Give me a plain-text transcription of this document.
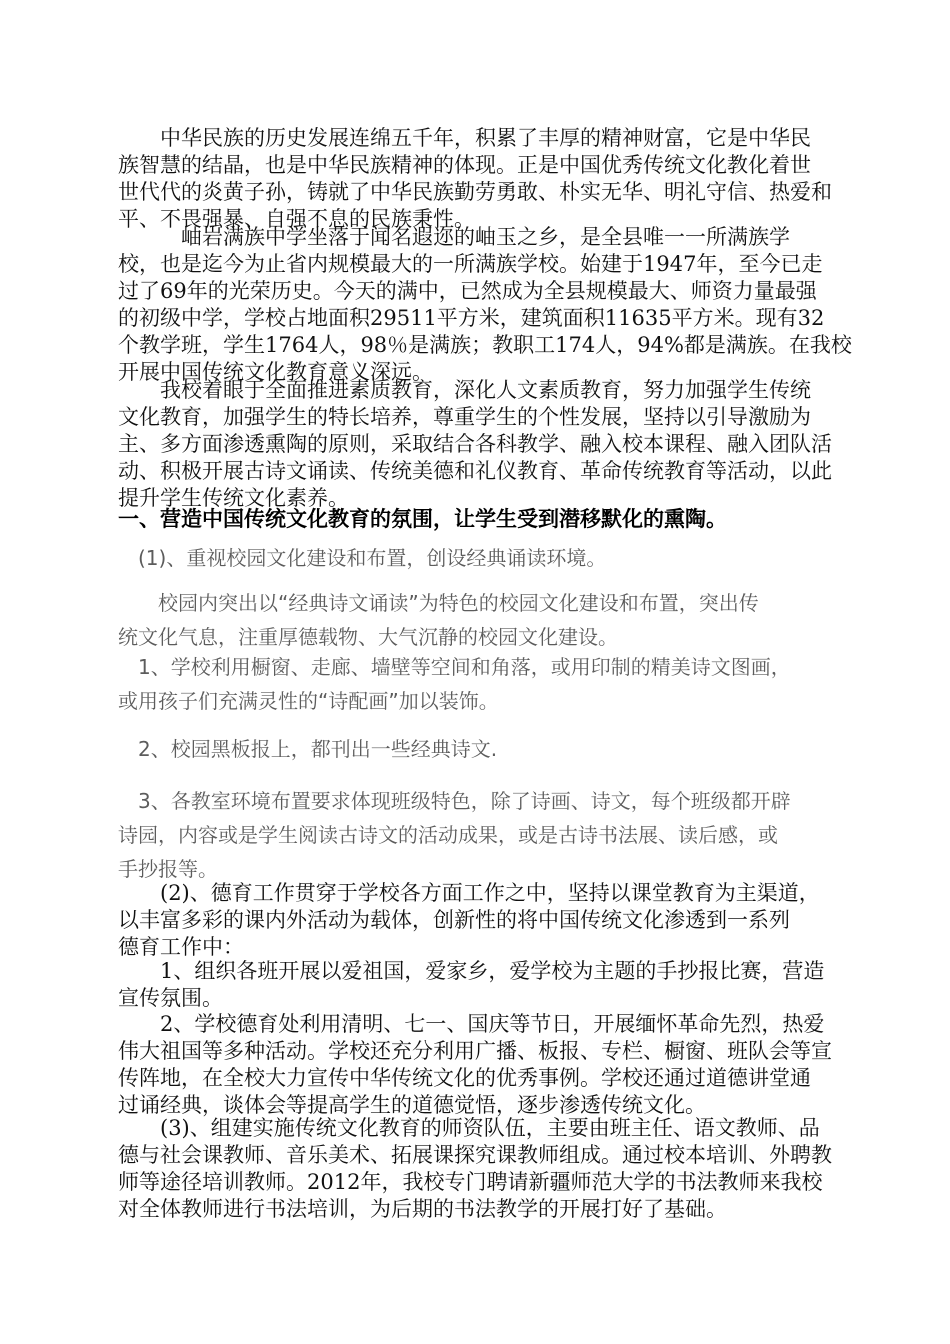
　　中华民族的历史发展连绵五千年，积累了丰厚的精神财富，它是中华民
族智慧的结晶，也是中华民族精神的体现。正是中国优秀传统文化教化着世
世代代的炎黄子孙，铸就了中华民族勤劳勇敢、朴实无华、明礼守信、热爱和
平、不畏强暴、自强不息的民族秉性。
　　　岫岩满族中学坐落于闻名遐迩的岫玉之乡，是全县唯一一所满族学
校，也是迄今为止省内规模最大的一所满族学校。始建于1947年，至今已走
过了69年的光荣历史。今天的满中，已然成为全县规模最大、师资力量最强
的初级中学，学校占地面积29511平方米，建筑面积11635平方米。现有32
个教学班，学生1764人，98％是满族；教职工174人，94%都是满族。在我校
开展中国传统文化教育意义深远。
　　我校着眼于全面推进素质教育，深化人文素质教育，努力加强学生传统
文化教育，加强学生的特长培养，尊重学生的个性发展，坚持以引导激励为
主、多方面渗透熏陶的原则，采取结合各科教学、融入校本课程、融入团队活
动、积极开展古诗文诵读、传统美德和礼仪教育、革命传统教育等活动，以此
提升学生传统文化素养。
一、营造中国传统文化教育的氛围，让学生受到潜移默化的熏陶。
　(1)、重视校园文化建设和布置，创设经典诵读环境。
　　校园内突出以“经典诗文诵读”为特色的校园文化建设和布置，突出传
统文化气息，注重厚德载物、大气沉静的校园文化建设。
　1、学校利用橱窗、走廊、墙壁等空间和角落，或用印制的精美诗文图画，
或用孩子们充满灵性的“诗配画”加以装饰。
　2、校园黑板报上，都刊出一些经典诗文.
　3、各教室环境布置要求体现班级特色，除了诗画、诗文，每个班级都开辟
诗园，内容或是学生阅读古诗文的活动成果，或是古诗书法展、读后感，或
手抄报等。
　　(2)、德育工作贯穿于学校各方面工作之中，坚持以课堂教育为主渠道，
以丰富多彩的课内外活动为载体，创新性的将中国传统文化渗透到一系列
德育工作中：
　　1、组织各班开展以爱祖国，爱家乡，爱学校为主题的手抄报比赛，营造
宣传氛围。
　　2、学校德育处利用清明、七一、国庆等节日，开展缅怀革命先烈，热爱
伟大祖国等多种活动。学校还充分利用广播、板报、专栏、橱窗、班队会等宣
传阵地，在全校大力宣传中华传统文化的优秀事例。学校还通过道德讲堂通
过诵经典，谈体会等提高学生的道德觉悟，逐步渗透传统文化。
　　(3)、组建实施传统文化教育的师资队伍，主要由班主任、语文教师、品
德与社会课教师、音乐美术、拓展课探究课教师组成。通过校本培训、外聘教
师等途径培训教师。2012年，我校专门聘请新疆师范大学的书法教师来我校
对全体教师进行书法培训，为后期的书法教学的开展打好了基础。
